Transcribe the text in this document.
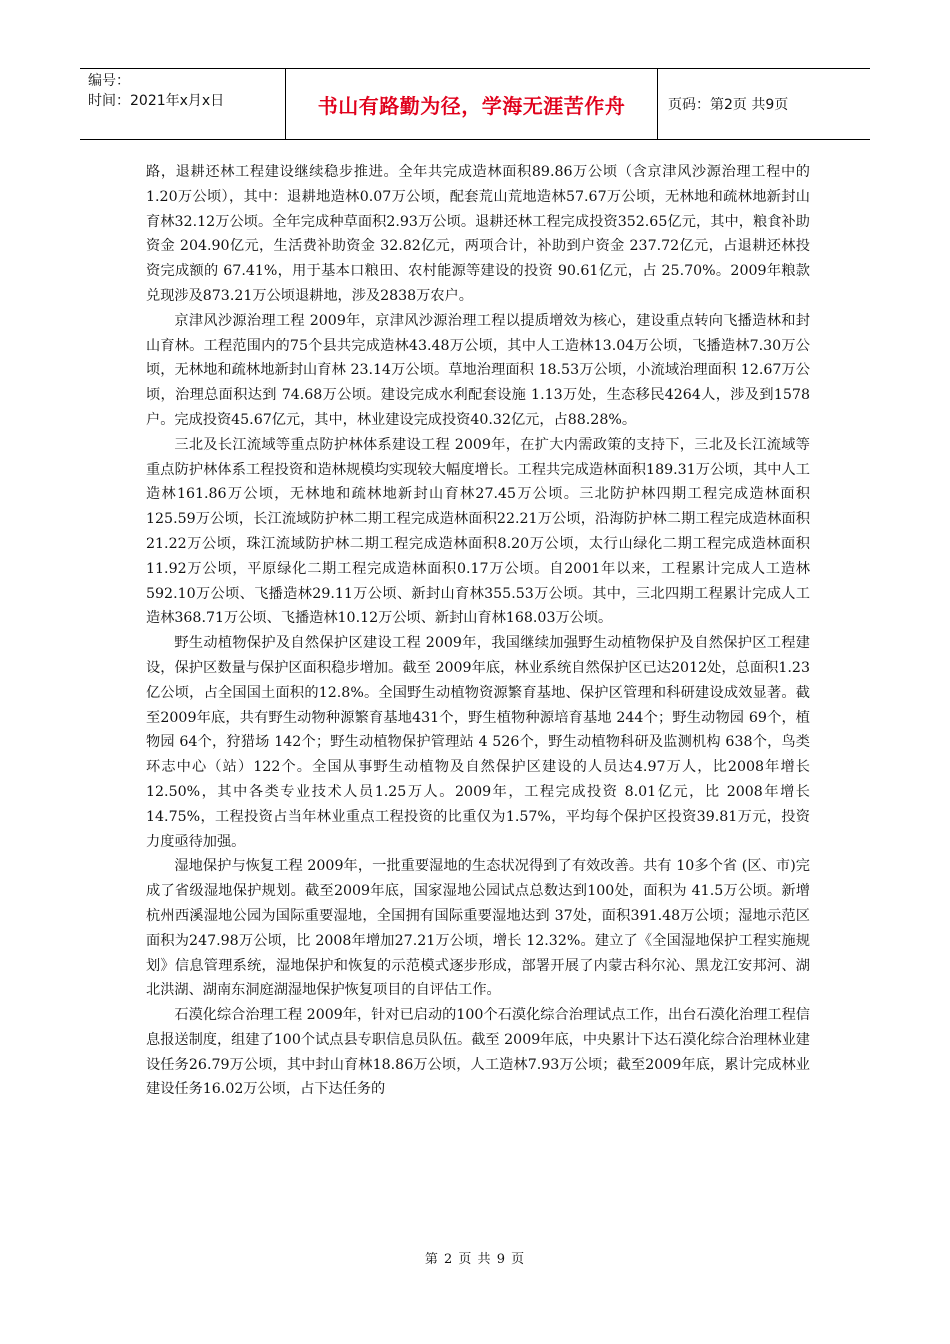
编号：
时间：2021年x月x日	书山有路勤为径，学海无涯苦作舟	页码：第2页 共9页

路，退耕还林工程建设继续稳步推进。全年共完成造林面积89.86万公顷（含京津风沙源治理工程中的1.20万公顷），其中：退耕地造林0.07万公顷，配套荒山荒地造林57.67万公顷，无林地和疏林地新封山育林32.12万公顷。全年完成种草面积2.93万公顷。退耕还林工程完成投资352.65亿元，其中，粮食补助资金 204.90亿元，生活费补助资金 32.82亿元，两项合计，补助到户资金 237.72亿元，占退耕还林投资完成额的 67.41%，用于基本口粮田、农村能源等建设的投资 90.61亿元，占 25.70%。2009年粮款兑现涉及873.21万公顷退耕地，涉及2838万农户。

京津风沙源治理工程 2009年，京津风沙源治理工程以提质增效为核心，建设重点转向飞播造林和封山育林。工程范围内的75个县共完成造林43.48万公顷，其中人工造林13.04万公顷，飞播造林7.30万公顷，无林地和疏林地新封山育林 23.14万公顷。草地治理面积 18.53万公顷，小流域治理面积 12.67万公顷，治理总面积达到 74.68万公顷。建设完成水利配套设施 1.13万处，生态移民4264人，涉及到1578户。完成投资45.67亿元，其中，林业建设完成投资40.32亿元，占88.28%。

三北及长江流域等重点防护林体系建设工程 2009年，在扩大内需政策的支持下，三北及长江流域等重点防护林体系工程投资和造林规模均实现较大幅度增长。工程共完成造林面积189.31万公顷，其中人工造林161.86万公顷，无林地和疏林地新封山育林27.45万公顷。三北防护林四期工程完成造林面积 125.59万公顷，长江流域防护林二期工程完成造林面积22.21万公顷，沿海防护林二期工程完成造林面积21.22万公顷，珠江流域防护林二期工程完成造林面积8.20万公顷，太行山绿化二期工程完成造林面积11.92万公顷，平原绿化二期工程完成造林面积0.17万公顷。自2001年以来，工程累计完成人工造林 592.10万公顷、飞播造林29.11万公顷、新封山育林355.53万公顷。其中，三北四期工程累计完成人工造林368.71万公顷、飞播造林10.12万公顷、新封山育林168.03万公顷。

野生动植物保护及自然保护区建设工程 2009年，我国继续加强野生动植物保护及自然保护区工程建设，保护区数量与保护区面积稳步增加。截至 2009年底，林业系统自然保护区已达2012处，总面积1.23亿公顷，占全国国土面积的12.8%。全国野生动植物资源繁育基地、保护区管理和科研建设成效显著。截至2009年底，共有野生动物种源繁育基地431个，野生植物种源培育基地 244个；野生动物园 69个，植物园 64个，狩猎场 142个；野生动植物保护管理站 4 526个，野生动植物科研及监测机构 638个，鸟类环志中心（站）122个。全国从事野生动植物及自然保护区建设的人员达4.97万人，比2008年增长12.50%，其中各类专业技术人员1.25万人。2009年，工程完成投资 8.01亿元，比 2008年增长14.75%，工程投资占当年林业重点工程投资的比重仅为1.57%，平均每个保护区投资39.81万元，投资力度亟待加强。

湿地保护与恢复工程 2009年，一批重要湿地的生态状况得到了有效改善。共有 10多个省 (区、市)完成了省级湿地保护规划。截至2009年底，国家湿地公园试点总数达到100处，面积为 41.5万公顷。新增杭州西溪湿地公园为国际重要湿地，全国拥有国际重要湿地达到 37处，面积391.48万公顷；湿地示范区面积为247.98万公顷，比 2008年增加27.21万公顷，增长 12.32%。建立了《全国湿地保护工程实施规划》信息管理系统，湿地保护和恢复的示范模式逐步形成，部署开展了内蒙古科尔沁、黑龙江安邦河、湖北洪湖、湖南东洞庭湖湿地保护恢复项目的自评估工作。

石漠化综合治理工程 2009年，针对已启动的100个石漠化综合治理试点工作，出台石漠化治理工程信息报送制度，组建了100个试点县专职信息员队伍。截至 2009年底，中央累计下达石漠化综合治理林业建设任务26.79万公顷，其中封山育林18.86万公顷，人工造林7.93万公顷；截至2009年底，累计完成林业建设任务16.02万公顷，占下达任务的

第 2 页 共 9 页
